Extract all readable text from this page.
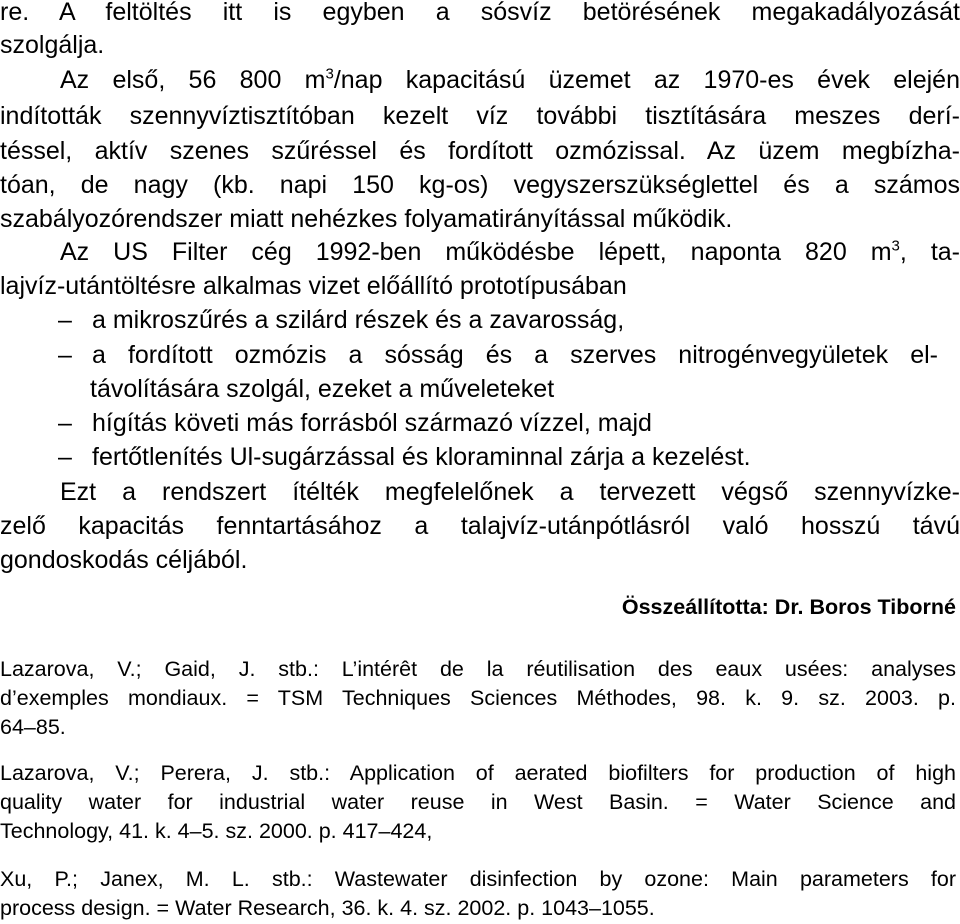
re. A feltöltés itt is egyben a sósvíz betörésének megakadályozását

szolgálja.

Az első, 56 800 $m^3$/nap kapacitású üzemet az 1970-es évek elején

indították szennyvíztisztítóban kezelt víz további tisztítására meszes derí-

téssel, aktív szenes szűréssel és fordított ozmózissal. Az üzem megbízha-

tóan, de nagy (kb. napi 150 kg-os) vegyszerszükséglettel és a számos

szabályozórendszer miatt nehézkes folyamatirányítással működik.

Az US Filter cég 1992-ben működésbe lépett, naponta 820 $m^3$, ta-

lajvíz-utántöltésre alkalmas vizet előállító prototípusában

– a mikroszűrés a szilárd részek és a zavarosság,

– a fordított ozmózis a sósság és a szerves nitrogénvegyületek el-

távolítására szolgál, ezeket a műveleteket

– hígítás követi más forrásból származó vízzel, majd

– fertőtlenítés Ul-sugárzással és kloraminnal zárja a kezelést.

Ezt a rendszert ítélték megfelelőnek a tervezett végső szennyvízke-

zelő kapacitás fenntartásához a talajvíz-utánpótlásról való hosszú távú

gondoskodás céljából.

Összeállította: Dr. Boros Tiborné

Lazarova, V.; Gaid, J. stb.: L’intérêt de la réutilisation des eaux usées: analyses

d’exemples mondiaux. = TSM Techniques Sciences Méthodes, 98. k. 9. sz. 2003. p.

64–85.

Lazarova, V.; Perera, J. stb.: Application of aerated biofilters for production of high

quality water for industrial water reuse in West Basin. = Water Science and

Technology, 41. k. 4–5. sz. 2000. p. 417–424,

Xu, P.; Janex, M. L. stb.: Wastewater disinfection by ozone: Main parameters for

process design. = Water Research, 36. k. 4. sz. 2002. p. 1043–1055.
